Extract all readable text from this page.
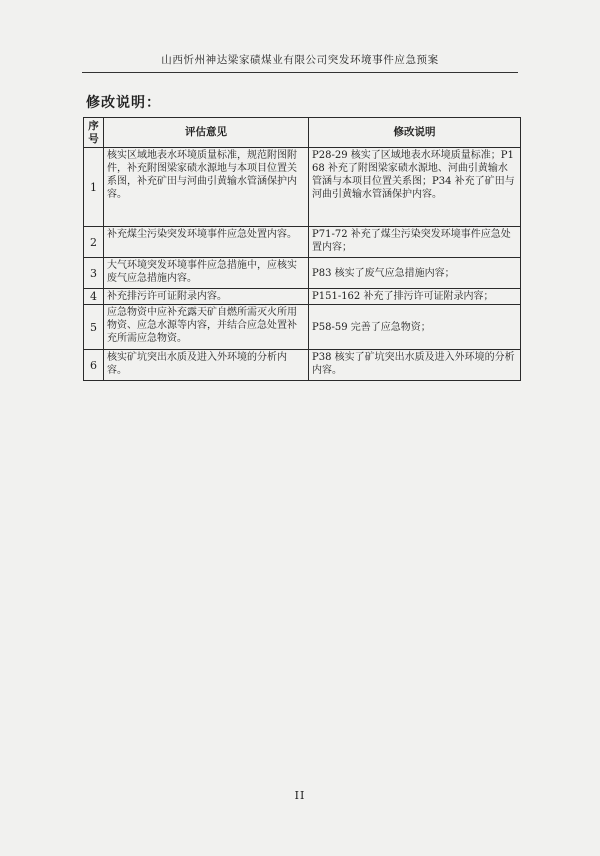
山西忻州神达梁家碛煤业有限公司突发环境事件应急预案
修改说明：
序号	评估意见	修改说明
1	核实区域地表水环境质量标准，规范附图附件，补充附图梁家碛水源地与本项目位置关系图，补充矿田与河曲引黄输水管涵保护内容。	P28-29 核实了区域地表水环境质量标准；P168 补充了附图梁家碛水源地、河曲引黄输水管涵与本项目位置关系图；P34 补充了矿田与河曲引黄输水管涵保护内容。
2	补充煤尘污染突发环境事件应急处置内容。	P71-72 补充了煤尘污染突发环境事件应急处置内容；
3	大气环境突发环境事件应急措施中，应核实废气应急措施内容。	P83 核实了废气应急措施内容；
4	补充排污许可证附录内容。	P151-162 补充了排污许可证附录内容；
5	应急物资中应补充露天矿自燃所需灭火所用物资、应急水源等内容，并结合应急处置补充所需应急物资。	P58-59 完善了应急物资；
6	核实矿坑突出水质及进入外环境的分析内容。	P38 核实了矿坑突出水质及进入外环境的分析内容。
II
